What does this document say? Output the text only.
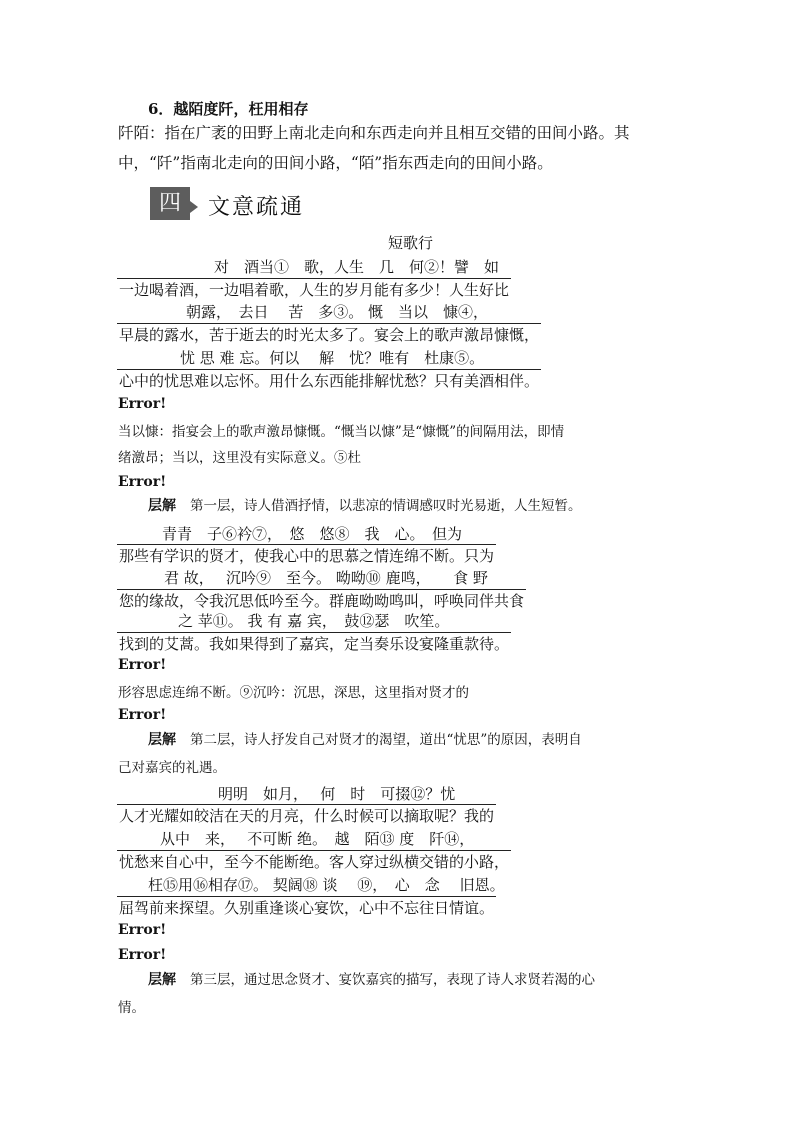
6．越陌度阡，枉用相存
阡陌：指在广袤的田野上南北走向和东西走向并且相互交错的田间小路。其中，“阡”指南北走向的田间小路，“陌”指东西走向的田间小路。
四	文意疏通
短歌行
对　酒当①　歌，人生　几　何②！譬　如
一边喝着酒，一边唱着歌，人生的岁月能有多少！人生好比
朝露，　去日　 苦　多③。 慨　当以　慷④，
早晨的露水，苦于逝去的时光太多了。宴会上的歌声激昂慷慨，
忧 思 难 忘。何以　 解　忧？唯有　杜康⑤。
心中的忧思难以忘怀。用什么东西能排解忧愁？只有美酒相伴。
Error!
当以慷：指宴会上的歌声激昂慷慨。“慨当以慷”是“慷慨”的间隔用法，即情
绪激昂；当以，这里没有实际意义。⑤杜
Error!
层解 第一层，诗人借酒抒情，以悲凉的情调感叹时光易逝，人生短暂。
青青　子⑥衿⑦，　悠　悠⑧　我　心。　但为
那些有学识的贤才，使我心中的思慕之情连绵不断。只为
君 故，　 沉吟⑨　至今。 呦呦⑩ 鹿鸣，　　食 野
您的缘故，令我沉思低吟至今。群鹿呦呦鸣叫，呼唤同伴共食
之 苹⑪。 我 有 嘉 宾，　鼓⑫瑟　吹笙。
找到的艾蒿。我如果得到了嘉宾，定当奏乐设宴隆重款待。
Error!
形容思虑连绵不断。⑨沉吟：沉思，深思，这里指对贤才的
Error!
层解 第二层，诗人抒发自己对贤才的渴望，道出“忧思”的原因，表明自
己对嘉宾的礼遇。
明明　如月，　 何　时　可掇⑫？忧
人才光耀如皎洁在天的月亮，什么时候可以摘取呢？我的
从中　来，　 不可断 绝。　越　陌⑬ 度　阡⑭，
忧愁来自心中，至今不能断绝。客人穿过纵横交错的小路，
枉⑮用⑯相存⑰。 契阔⑱ 谈 　⑲，　心　念　 旧恩。
屈驾前来探望。久别重逢谈心宴饮，心中不忘往日情谊。
Error!
Error!
层解 第三层，通过思念贤才、宴饮嘉宾的描写，表现了诗人求贤若渴的心
情。
